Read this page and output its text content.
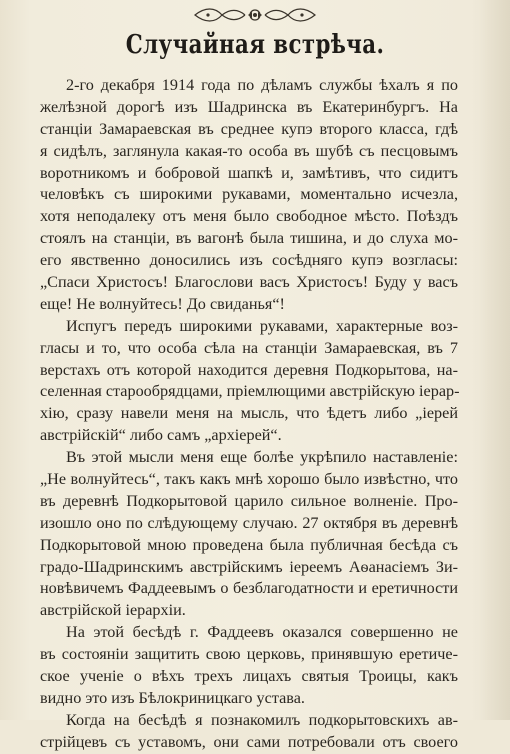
Случайная встрѣча.
2-го декабря 1914 года по дѣламъ службы ѣхалъ я по
желѣзной дорогѣ изъ Шадринска въ Екатеринбургъ. На
станціи Замараевская въ среднее купэ второго класса, гдѣ
я сидѣлъ, заглянула какая-то особа въ шубѣ съ песцовымъ
воротникомъ и бобровой шапкѣ и, замѣтивъ, что сидитъ
человѣкъ съ широкими рукавами, моментально исчезла,
хотя неподалеку отъ меня было свободное мѣсто. Поѣздъ
стоялъ на станціи, въ вагонѣ была тишина, и до слуха мо-
его явственно доносились изъ сосѣдняго купэ возгласы:
„Спаси Христосъ! Благослови васъ Христосъ! Буду у васъ
еще! Не волнуйтесь! До свиданья“!
Испугъ передъ широкими рукавами, характерные воз-
гласы и то, что особа сѣла на станціи Замараевская, въ 7
верстахъ отъ которой находится деревня Подкорытова, на-
селенная старообрядцами, пріемлющими австрійскую іерар-
хію, сразу навели меня на мысль, что ѣдетъ либо „іерей
австрійскій“ либо самъ „архіерей“.
Въ этой мысли меня еще болѣе укрѣпило наставленіе:
„Не волнуйтесь“, такъ какъ мнѣ хорошо было извѣстно, что
въ деревнѣ Подкорытовой царило сильное волненіе. Про-
изошло оно по слѣдующему случаю. 27 октября въ деревнѣ
Подкорытовой мною проведена была публичная бесѣда съ
градо-Шадринскимъ австрійскимъ іереемъ Аѳанасіемъ Зи-
новѣвичемъ Фаддеевымъ о безблагодатности и еретичности
австрійской іерархіи.
На этой бесѣдѣ г. Фаддеевъ оказался совершенно не
въ состояніи защитить свою церковь, принявшую еретиче-
ское ученіе о вѣхъ трехъ лицахъ святыя Троицы, какъ
видно это изъ Бѣлокриницкаго устава.
Когда на бесѣдѣ я познакомилъ подкорытовскихъ ав-
стрійцевъ съ уставомъ, они сами потребовали отъ своего
